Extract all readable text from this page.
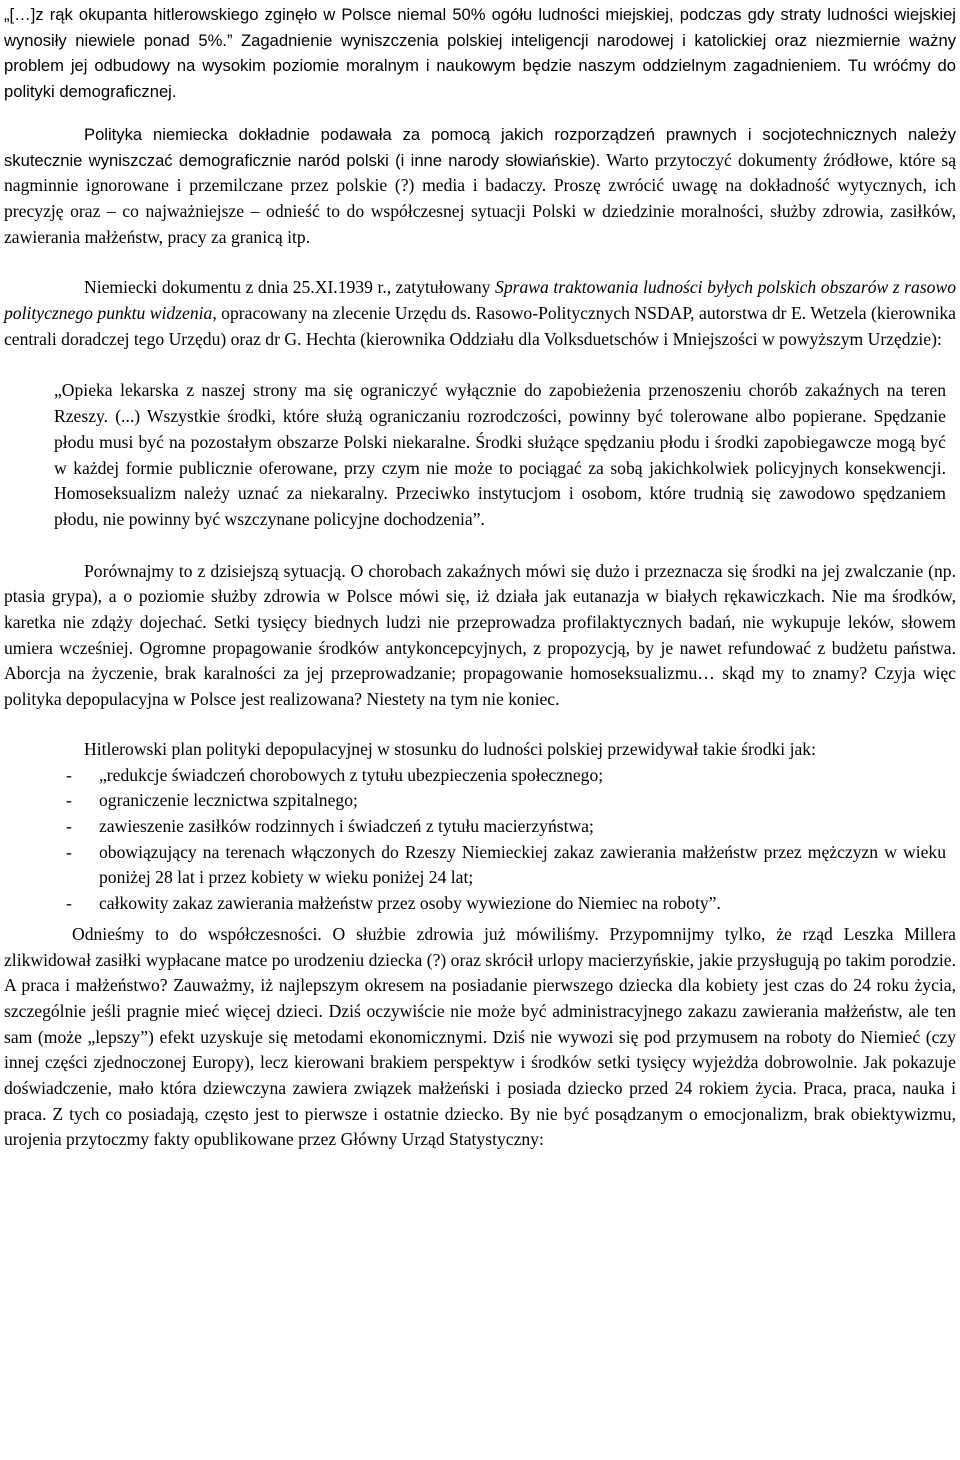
„[…]z rąk okupanta hitlerowskiego zginęło w Polsce niemal 50% ogółu ludności miejskiej, podczas gdy straty ludności wiejskiej wynosiły niewiele ponad 5%.” Zagadnienie wyniszczenia polskiej inteligencji narodowej i katolickiej oraz niezmiernie ważny problem jej odbudowy na wysokim poziomie moralnym i naukowym będzie naszym oddzielnym zagadnieniem. Tu wróćmy do polityki demograficznej.

Polityka niemiecka dokładnie podawała za pomocą jakich rozporządzeń prawnych i socjotechnicznych należy skutecznie wyniszczać demograficznie naród polski (i inne narody słowiańskie). Warto przytoczyć dokumenty źródłowe, które są nagminnie ignorowane i przemilczane przez polskie (?) media i badaczy. Proszę zwrócić uwagę na dokładność wytycznych, ich precyzję oraz – co najważniejsze – odnieść to do współczesnej sytuacji Polski w dziedzinie moralności, służby zdrowia, zasiłków, zawierania małżeństw, pracy za granicą itp.

Niemiecki dokumentu z dnia 25.XI.1939 r., zatytułowany Sprawa traktowania ludności byłych polskich obszarów z rasowo politycznego punktu widzenia, opracowany na zlecenie Urzędu ds. Rasowo-Politycznych NSDAP, autorstwa dr E. Wetzela (kierownika centrali doradczej tego Urzędu) oraz dr G. Hechta (kierownika Oddziału dla Volksduetschów i Mniejszości w powyższym Urzędzie):

„Opieka lekarska z naszej strony ma się ograniczyć wyłącznie do zapobieżenia przenoszeniu chorób zakaźnych na teren Rzeszy. (...) Wszystkie środki, które służą ograniczaniu rozrodczości, powinny być tolerowane albo popierane. Spędzanie płodu musi być na pozostałym obszarze Polski niekaralne. Środki służące spędzaniu płodu i środki zapobiegawcze mogą być w każdej formie publicznie oferowane, przy czym nie może to pociągać za sobą jakichkolwiek policyjnych konsekwencji. Homoseksualizm należy uznać za niekaralny. Przeciwko instytucjom i osobom, które trudnią się zawodowo spędzaniem płodu, nie powinny być wszczynane policyjne dochodzenia”.

Porównajmy to z dzisiejszą sytuacją. O chorobach zakaźnych mówi się dużo i przeznacza się środki na jej zwalczanie (np. ptasia grypa), a o poziomie służby zdrowia w Polsce mówi się, iż działa jak eutanazja w białych rękawiczkach. Nie ma środków, karetka nie zdąży dojechać. Setki tysięcy biednych ludzi nie przeprowadza profilaktycznych badań, nie wykupuje leków, słowem umiera wcześniej. Ogromne propagowanie środków antykoncepcyjnych, z propozycją, by je nawet refundować z budżetu państwa. Aborcja na życzenie, brak karalności za jej przeprowadzanie; propagowanie homoseksualizmu… skąd my to znamy? Czyja więc polityka depopulacyjna w Polsce jest realizowana? Niestety na tym nie koniec.

Hitlerowski plan polityki depopulacyjnej w stosunku do ludności polskiej przewidywał takie środki jak:

- „redukcje świadczeń chorobowych z tytułu ubezpieczenia społecznego;
- ograniczenie lecznictwa szpitalnego;
- zawieszenie zasiłków rodzinnych i świadczeń z tytułu macierzyństwa;
- obowiązujący na terenach włączonych do Rzeszy Niemieckiej zakaz zawierania małżeństw przez mężczyzn w wieku poniżej 28 lat i przez kobiety w wieku poniżej 24 lat;
- całkowity zakaz zawierania małżeństw przez osoby wywiezione do Niemiec na roboty”.

Odnieśmy to do współczesności. O służbie zdrowia już mówiliśmy. Przypomnijmy tylko, że rząd Leszka Millera zlikwidował zasiłki wypłacane matce po urodzeniu dziecka (?) oraz skrócił urlopy macierzyńskie, jakie przysługują po takim porodzie. A praca i małżeństwo? Zauważmy, iż najlepszym okresem na posiadanie pierwszego dziecka dla kobiety jest czas do 24 roku życia, szczególnie jeśli pragnie mieć więcej dzieci. Dziś oczywiście nie może być administracyjnego zakazu zawierania małżeństw, ale ten sam (może „lepszy”) efekt uzyskuje się metodami ekonomicznymi. Dziś nie wywozi się pod przymusem na roboty do Niemieć (czy innej części zjednoczonej Europy), lecz kierowani brakiem perspektyw i środków setki tysięcy wyjeżdża dobrowolnie. Jak pokazuje doświadczenie, mało która dziewczyna zawiera związek małżeński i posiada dziecko przed 24 rokiem życia. Praca, praca, nauka i praca. Z tych co posiadają, często jest to pierwsze i ostatnie dziecko. By nie być posądzanym o emocjonalizm, brak obiektywizmu, urojenia przytoczmy fakty opublikowane przez Główny Urząd Statystyczny:
